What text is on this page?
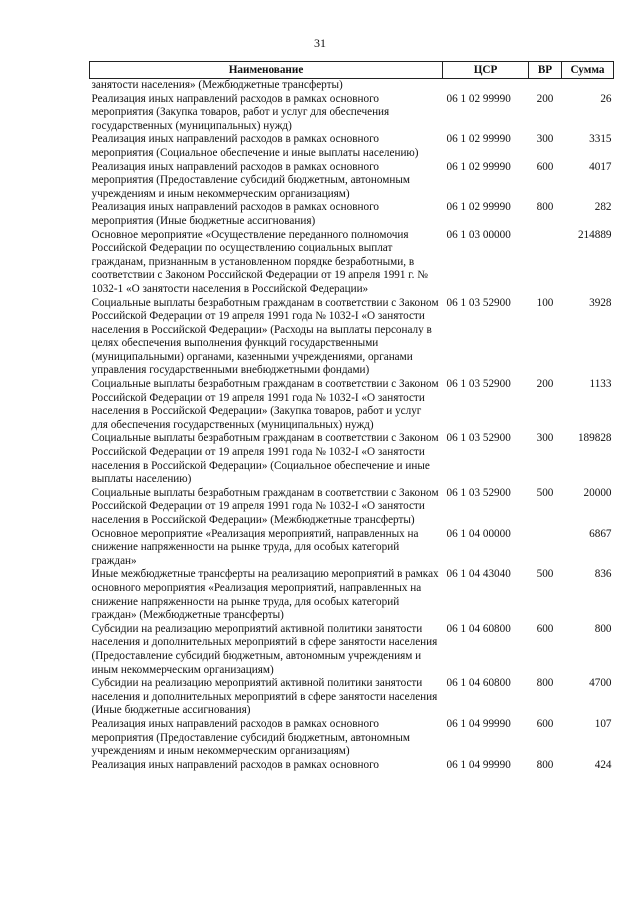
31
Наименование	ЦСР	ВР	Сумма
занятости населения» (Межбюджетные трансферты)			
Реализация иных направлений расходов в рамках основного мероприятия (Закупка товаров, работ и услуг для обеспечения государственных (муниципальных) нужд)	06 1 02 99990	200	26
Реализация иных направлений расходов в рамках основного мероприятия (Социальное обеспечение и иные выплаты населению)	06 1 02 99990	300	3315
Реализация иных направлений расходов в рамках основного мероприятия (Предоставление субсидий бюджетным, автономным учреждениям и иным некоммерческим организациям)	06 1 02 99990	600	4017
Реализация иных направлений расходов в рамках основного мероприятия (Иные бюджетные ассигнования)	06 1 02 99990	800	282
Основное мероприятие «Осуществление переданного полномочия Российской Федерации по осуществлению социальных выплат гражданам, признанным в установленном порядке безработными, в соответствии с Законом Российской Федерации от 19 апреля 1991 г. № 1032-1 «О занятости населения в Российской Федерации»	06 1 03 00000		214889
Социальные выплаты безработным гражданам в соответствии с Законом Российской Федерации от 19 апреля 1991 года № 1032-I «О занятости населения в Российской Федерации» (Расходы на выплаты персоналу в целях обеспечения выполнения функций государственными (муниципальными) органами, казенными учреждениями, органами управления государственными внебюджетными фондами)	06 1 03 52900	100	3928
Социальные выплаты безработным гражданам в соответствии с Законом Российской Федерации от 19 апреля 1991 года № 1032-I «О занятости населения в Российской Федерации» (Закупка товаров, работ и услуг для обеспечения государственных (муниципальных) нужд)	06 1 03 52900	200	1133
Социальные выплаты безработным гражданам в соответствии с Законом Российской Федерации от 19 апреля 1991 года № 1032-I «О занятости населения в Российской Федерации» (Социальное обеспечение и иные выплаты населению)	06 1 03 52900	300	189828
Социальные выплаты безработным гражданам в соответствии с Законом Российской Федерации от 19 апреля 1991 года № 1032-I «О занятости населения в Российской Федерации» (Межбюджетные трансферты)	06 1 03 52900	500	20000
Основное мероприятие «Реализация мероприятий, направленных на снижение напряженности на рынке труда, для особых категорий граждан»	06 1 04 00000		6867
Иные межбюджетные трансферты на реализацию мероприятий в рамках основного мероприятия «Реализация мероприятий, направленных на снижение напряженности на рынке труда, для особых категорий граждан» (Межбюджетные трансферты)	06 1 04 43040	500	836
Субсидии на реализацию мероприятий активной политики занятости населения и дополнительных мероприятий в сфере занятости населения (Предоставление субсидий бюджетным, автономным учреждениям и иным некоммерческим организациям)	06 1 04 60800	600	800
Субсидии на реализацию мероприятий активной политики занятости населения и дополнительных мероприятий в сфере занятости населения (Иные бюджетные ассигнования)	06 1 04 60800	800	4700
Реализация иных направлений расходов в рамках основного мероприятия (Предоставление субсидий бюджетным, автономным учреждениям и иным некоммерческим организациям)	06 1 04 99990	600	107
Реализация иных направлений расходов в рамках основного	06 1 04 99990	800	424
